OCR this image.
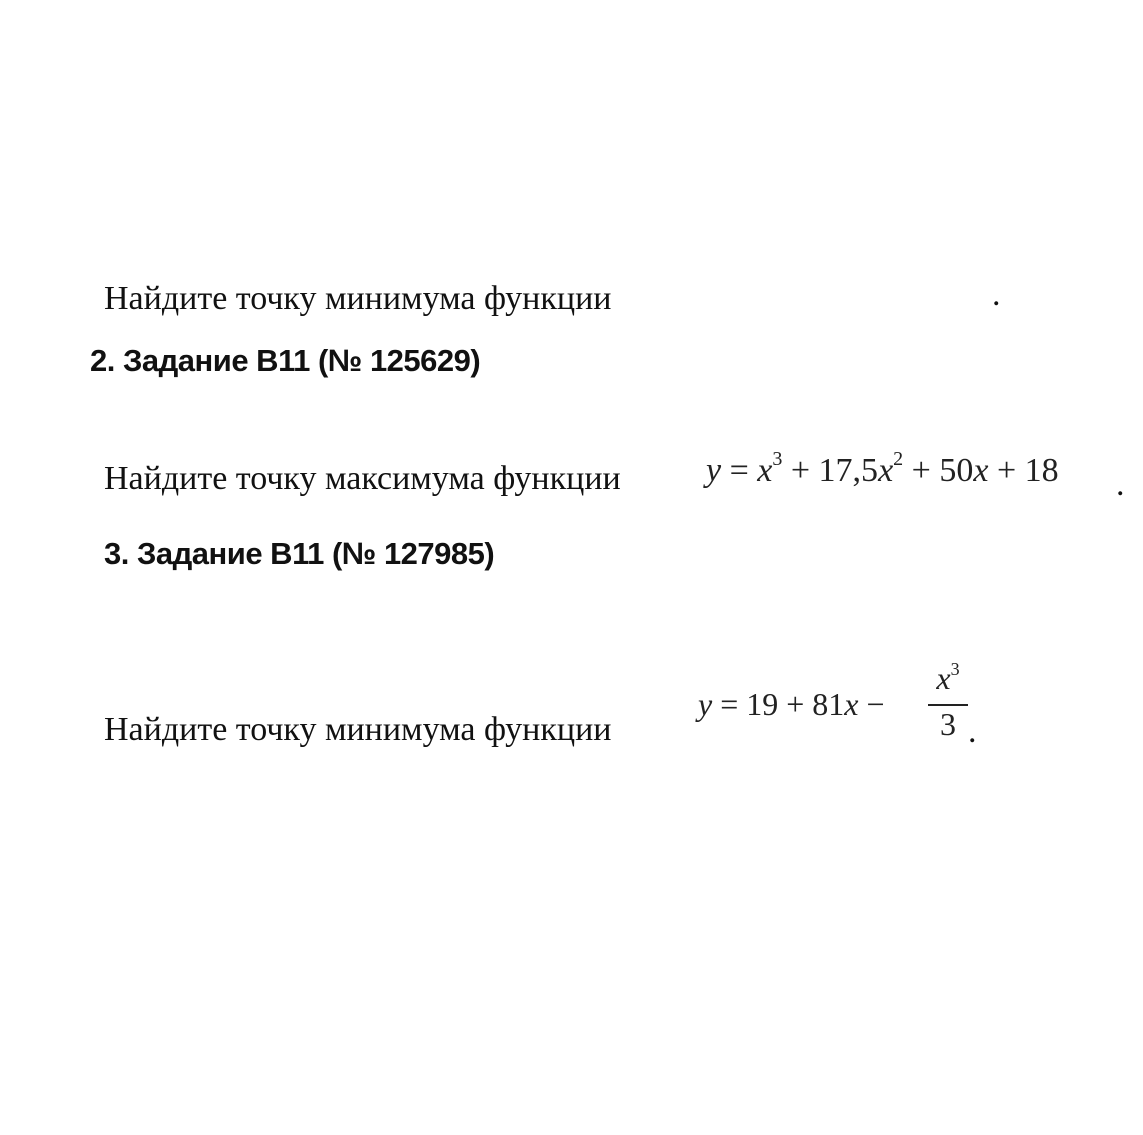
Найдите точку минимума функции	.
2. Задание B11 (№ 125629)
Найдите точку максимума функции	$y = x^3 + 17,5x^2 + 50x + 18$ .
3. Задание B11 (№ 127985)
Найдите точку минимума функции
y = 19 + 81x −
$x^3$
3 .
